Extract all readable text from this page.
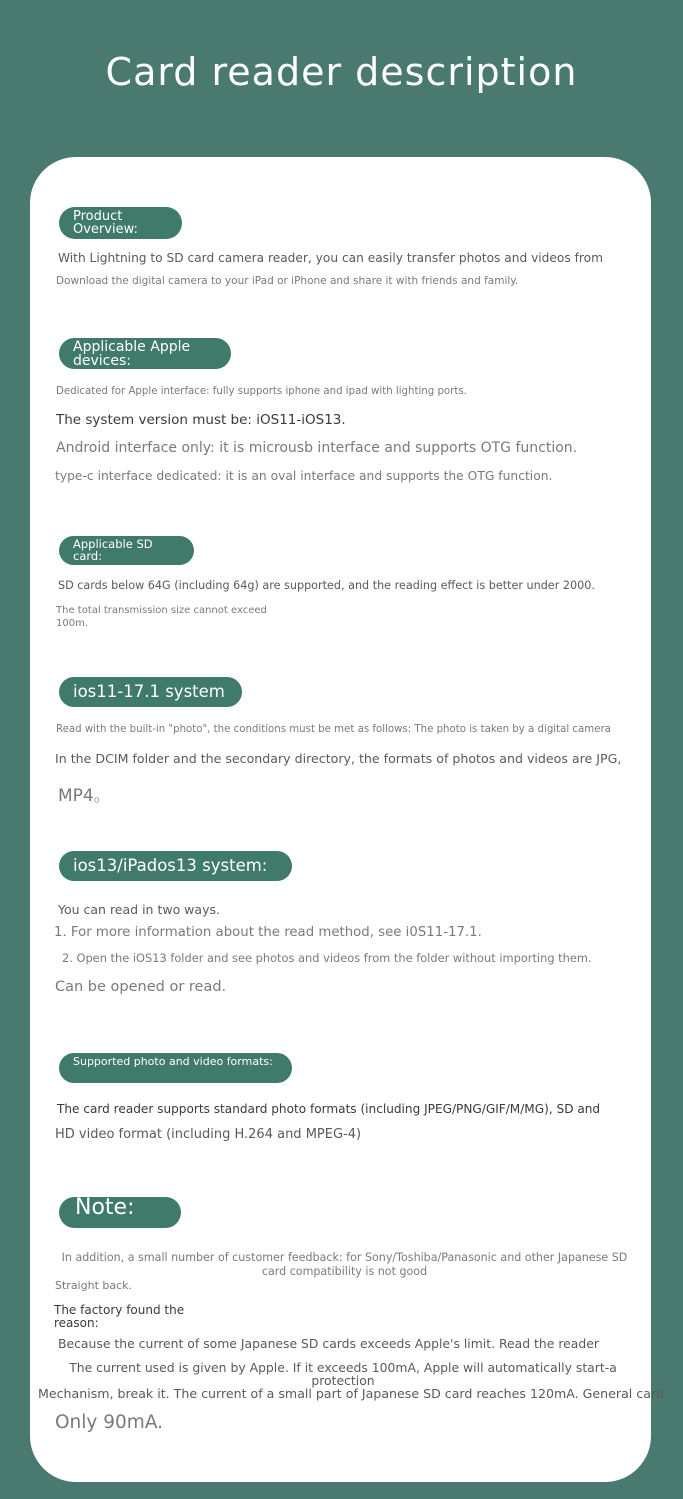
Card reader description
Product Overview:
With Lightning to SD card camera reader, you can easily transfer photos and videos from
Download the digital camera to your iPad or iPhone and share it with friends and family.
Applicable Apple devices:
Dedicated for Apple interface: fully supports iphone and ipad with lighting ports.
The system version must be: iOS11-iOS13.
Android interface only: it is microusb interface and supports OTG function.
type-c interface dedicated: it is an oval interface and supports the OTG function.
Applicable SD card:
SD cards below 64G (including 64g) are supported, and the reading effect is better under 2000.
The total transmission size cannot exceed 100m.
ios11-17.1 system
Read with the built-in "photo", the conditions must be met as follows: The photo is taken by a digital camera
In the DCIM folder and the secondary directory, the formats of photos and videos are JPG,
MP4。
ios13/iPados13 system:
You can read in two ways.
1. For more information about the read method, see i0S11-17.1.
2. Open the iOS13 folder and see photos and videos from the folder without importing them.
Can be opened or read.
Supported photo and video formats:
The card reader supports standard photo formats (including JPEG/PNG/GIF/M/MG), SD and
HD video format (including H.264 and MPEG-4)
Note:
In addition, a small number of customer feedback: for Sony/Toshiba/Panasonic and other Japanese SD card compatibility is not good
Straight back.
The factory found the reason:
Because the current of some Japanese SD cards exceeds Apple's limit. Read the reader
The current used is given by Apple. If it exceeds 100mA, Apple will automatically start-a protection
Mechanism, break it. The current of a small part of Japanese SD card reaches 120mA. General card
Only 90mA.
